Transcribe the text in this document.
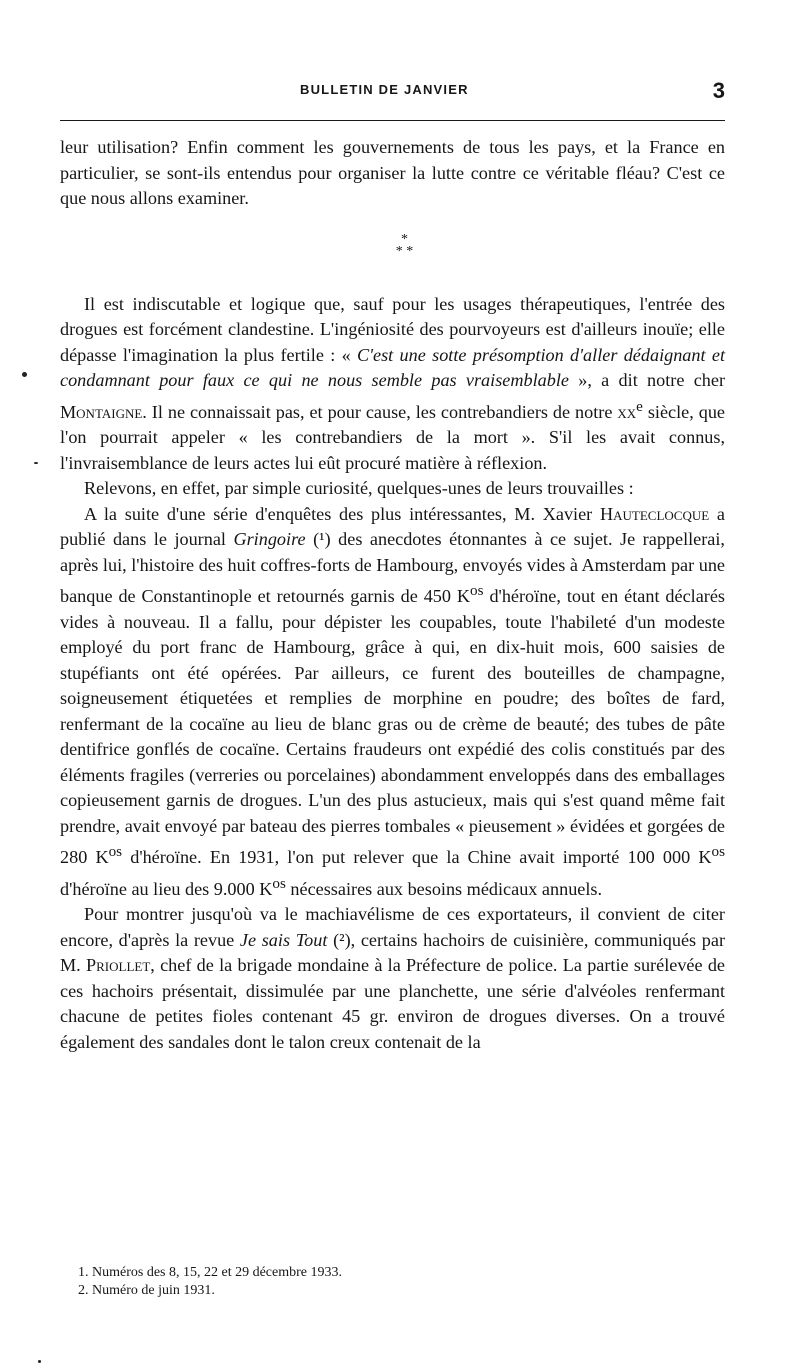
BULLETIN DE JANVIER	3

leur utilisation? Enfin comment les gouvernements de tous les pays, et la France en particulier, se sont-ils entendus pour organiser la lutte contre ce véritable fléau? C'est ce que nous allons examiner.

*
* *

Il est indiscutable et logique que, sauf pour les usages thérapeutiques, l'entrée des drogues est forcément clandestine. L'ingéniosité des pourvoyeurs est d'ailleurs inouïe; elle dépasse l'imagination la plus fertile : « C'est une sotte présomption d'aller dédaignant et condamnant pour faux ce qui ne nous semble pas vraisemblable », a dit notre cher Montaigne. Il ne connaissait pas, et pour cause, les contrebandiers de notre $xx^e$ siècle, que l'on pourrait appeler « les contrebandiers de la mort ». S'il les avait connus, l'invraisemblance de leurs actes lui eût procuré matière à réflexion.

Relevons, en effet, par simple curiosité, quelques-unes de leurs trouvailles :

A la suite d'une série d'enquêtes des plus intéressantes, M. Xavier Hauteclocque a publié dans le journal Gringoire (¹) des anecdotes étonnantes à ce sujet. Je rappellerai, après lui, l'histoire des huit coffres-forts de Hambourg, envoyés vides à Amsterdam par une banque de Constantinople et retournés garnis de 450 $K^{os}$ d'héroïne, tout en étant déclarés vides à nouveau. Il a fallu, pour dépister les coupables, toute l'habileté d'un modeste employé du port franc de Hambourg, grâce à qui, en dix-huit mois, 600 saisies de stupéfiants ont été opérées. Par ailleurs, ce furent des bouteilles de champagne, soigneusement étiquetées et remplies de morphine en poudre; des boîtes de fard, renfermant de la cocaïne au lieu de blanc gras ou de crème de beauté; des tubes de pâte dentifrice gonflés de cocaïne. Certains fraudeurs ont expédié des colis constitués par des éléments fragiles (verreries ou porcelaines) abondamment enveloppés dans des emballages copieusement garnis de drogues. L'un des plus astucieux, mais qui s'est quand même fait prendre, avait envoyé par bateau des pierres tombales « pieusement » évidées et gorgées de 280 $K^{os}$ d'héroïne. En 1931, l'on put relever que la Chine avait importé 100 000 $K^{os}$ d'héroïne au lieu des 9.000 $K^{os}$ nécessaires aux besoins médicaux annuels.

Pour montrer jusqu'où va le machiavélisme de ces exportateurs, il convient de citer encore, d'après la revue Je sais Tout (²), certains hachoirs de cuisinière, communiqués par M. Priollet, chef de la brigade mondaine à la Préfecture de police. La partie surélevée de ces hachoirs présentait, dissimulée par une planchette, une série d'alvéoles renfermant chacune de petites fioles contenant 45 gr. environ de drogues diverses. On a trouvé également des sandales dont le talon creux contenait de la

1. Numéros des 8, 15, 22 et 29 décembre 1933.
2. Numéro de juin 1931.
